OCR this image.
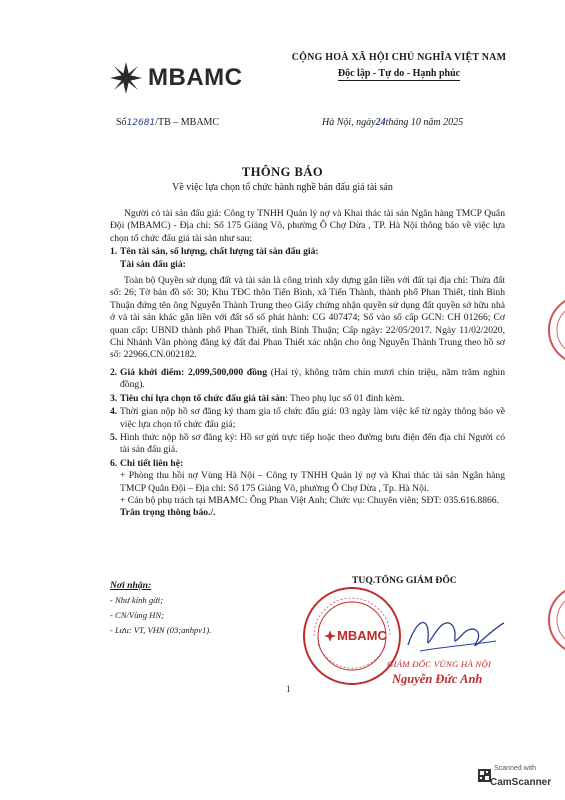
MBAMC
CỘNG HOÀ XÃ HỘI CHỦ NGHĨA VIỆT NAM
Độc lập - Tự do - Hạnh phúc
Số12681/TB – MBAMC	Hà Nội, ngày24tháng 10 năm 2025
THÔNG BÁO
Về việc lựa chọn tổ chức hành nghề bán đấu giá tài sản

Người có tài sản đấu giá: Công ty TNHH Quản lý nợ và Khai thác tài sản Ngân hàng TMCP Quân Đội (MBAMC) - Địa chỉ: Số 175 Giảng Võ, phường Ô Chợ Dừa , TP. Hà Nội thông báo về việc lựa chọn tổ chức đấu giá tài sản như sau:

1. Tên tài sản, số lượng, chất lượng tài sản đấu giá:

Tài sản đấu giá:

Toàn bộ Quyền sử dụng đất và tài sản là công trình xây dựng gắn liền với đất tại địa chỉ: Thửa đất số: 26; Tờ bản đồ số: 30; Khu TĐC thôn Tiến Bình, xã Tiến Thành, thành phố Phan Thiết, tỉnh Bình Thuận đứng tên ông Nguyễn Thành Trung theo Giấy chứng nhận quyền sử dụng đất quyền sở hữu nhà ở và tài sản khác gắn liền với đất số số phát hành: CG 407474; Số vào sổ cấp GCN: CH 01266; Cơ quan cấp: UBND thành phố Phan Thiết, tỉnh Bình Thuận; Cấp ngày: 22/05/2017. Ngày 11/02/2020, Chi Nhánh Văn phòng đăng ký đất đai Phan Thiết xác nhận cho ông Nguyễn Thành Trung theo hồ sơ số: 22966.CN.002182.

2. Giá khởi điểm: 2,099,500,000 đồng (Hai tỷ, không trăm chín mươi chín triệu, năm trăm nghìn đồng).
3. Tiêu chí lựa chọn tổ chức đấu giá tài sản: Theo phụ lục số 01 đính kèm.
4. Thời gian nộp hồ sơ đăng ký tham gia tổ chức đấu giá: 03 ngày làm việc kể từ ngày thông báo về việc lựa chọn tổ chức đấu giá;
5. Hình thức nộp hồ sơ đăng ký: Hồ sơ gửi trực tiếp hoặc theo đường bưu điện đến địa chỉ Người có tài sản đấu giá.
6. Chi tiết liên hệ:

+ Phòng thu hồi nợ Vùng Hà Nội – Công ty TNHH Quản lý nợ và Khai thác tài sản Ngân hàng TMCP Quân Đội – Địa chỉ: Số 175 Giảng Võ, phường Ô Chợ Dừa , Tp. Hà Nội.

+ Cán bộ phụ trách tại MBAMC: Ông Phan Việt Anh; Chức vụ: Chuyên viên; SĐT: 035.616.8866.

Trân trọng thông báo./.

Nơi nhận:
- Như kính gửi;
- CN/Vùng HN;
- Lưu: VT, VHN (03;anhpv1).
TUQ.TỔNG GIÁM ĐỐC
MBAMC
GIÁM ĐỐC VÙNG HÀ NỘI
Nguyễn Đức Anh
1
Scanned with
CamScanner
